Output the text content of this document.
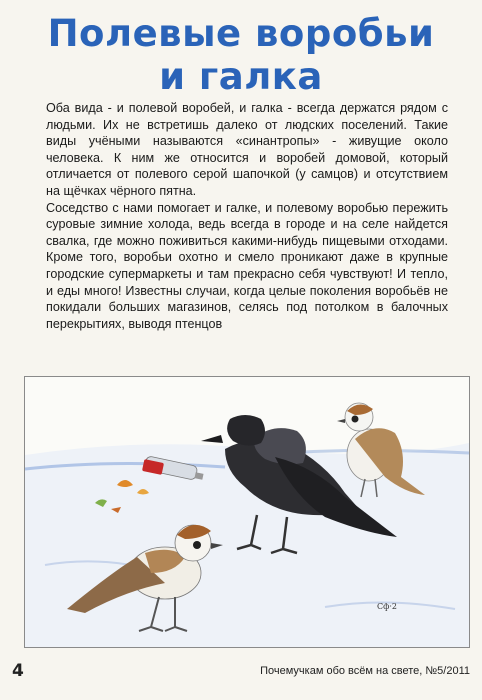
Полевые воробьи
и галка

Оба вида - и полевой воробей, и галка - всегда держатся рядом с людьми. Их не встретишь далеко от людских поселений. Такие виды учёными называются «синантропы» - живущие около человека. К ним же относится и воробей домовой, который отличается от полевого серой шапочкой (у самцов) и отсутствием на щёчках чёрного пятна.

Соседство с нами помогает и галке, и полевому воробью пережить суровые зимние холода, ведь всегда в городе и на селе найдется свалка, где можно поживиться какими-нибудь пищевыми отходами. Кроме того, воробьи охотно и смело проникают даже в крупные городские супермаркеты и там прекрасно себя чувствуют! И тепло, и еды много! Известны случаи, когда целые поколения воробьёв не покидали больших магазинов, селясь под потолком в балочных перекрытиях, выводя птенцов

Сф·2
4	Почемучкам обо всём на свете, №5/2011
